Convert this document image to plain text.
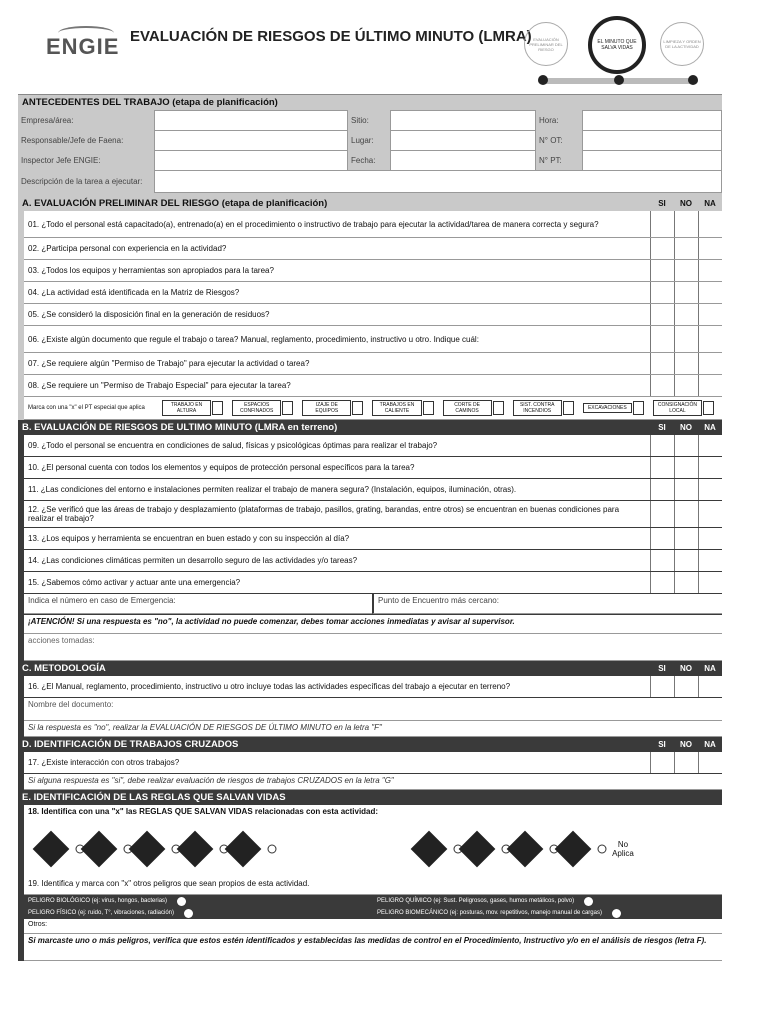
ENGIE EVALUACIÓN DE RIESGOS DE ÚLTIMO MINUTO (LMRA) EVALUACIÓN PRELIMINAR DEL RIESGO
EL MINUTO QUE SALVA VIDAS
LIMPIEZA Y ORDEN DE LA ACTIVIDAD
ANTECEDENTES DEL TRABAJO (etapa de planificación)
Empresa/área:		Sitio:		Hora:	
Responsable/Jefe de Faena:		Lugar:		N° OT:	
Inspector Jefe ENGIE:		Fecha:		N° PT:	
Descripción de la tarea a ejecutar:					
A. EVALUACIÓN PRELIMINAR DEL RIESGO (etapa de planificación)	SI	NO	NA
01. ¿Todo el personal está capacitado(a), entrenado(a) en el procedimiento o instructivo de trabajo para ejecutar la actividad/tarea de manera correcta y segura?
02. ¿Participa personal con experiencia en la actividad?
03. ¿Todos los equipos y herramientas son apropiados para la tarea?
04. ¿La actividad está identificada en la Matriz de Riesgos?
05. ¿Se consideró la disposición final en la generación de residuos?
06. ¿Existe algún documento que regule el trabajo o tarea? Manual, reglamento, procedimiento, instructivo u otro. Indique cuál:
07. ¿Se requiere algún "Permiso de Trabajo" para ejecutar la actividad o tarea?
08. ¿Se requiere un "Permiso de Trabajo Especial" para ejecutar la tarea?
Marca con una "x" el PT especial que aplica	TRABAJO EN ALTURA
ESPACIOS CONFINADOS
IZAJE DE EQUIPOS
TRABAJOS EN CALIENTE
CORTE DE CAMINOS
SIST. CONTRA INCENDIOS	EXCAVACIONES	CONSIGNACIÓN LOCAL
B. EVALUACIÓN DE RIESGOS DE ULTIMO MINUTO (LMRA en terreno)	SI	NO	NA
09. ¿Todo el personal se encuentra en condiciones de salud, físicas y psicológicas óptimas para realizar el trabajo?
10. ¿El personal cuenta con todos los elementos y equipos de protección personal específicos para la tarea?
11. ¿Las condiciones del entorno e instalaciones permiten realizar el trabajo de manera segura? (Instalación, equipos, iluminación, otras).
12. ¿Se verificó que las áreas de trabajo y desplazamiento (plataformas de trabajo, pasillos, grating, barandas, entre otros) se encuentran en buenas condiciones para realizar el trabajo?
13. ¿Los equipos y herramienta se encuentran en buen estado y con su inspección al día?
14. ¿Las condiciones climáticas permiten un desarrollo seguro de las actividades y/o tareas?
15. ¿Sabemos cómo activar y actuar ante una emergencia?
Indica el número en caso de Emergencia:	Punto de Encuentro más cercano:
¡ATENCIÓN! Si una respuesta es "no", la actividad no puede comenzar, debes tomar acciones inmediatas y avisar al supervisor.
acciones tomadas:
C. METODOLOGÍA	SI	NO	NA
16. ¿El Manual, reglamento, procedimiento, instructivo u otro incluye todas las actividades específicas del trabajo a ejecutar en terreno?
Nombre del documento:
Si la respuesta es "no", realizar la EVALUACIÓN DE RIESGOS DE ÚLTIMO MINUTO en la letra "F"
D. IDENTIFICACIÓN DE TRABAJOS CRUZADOS	SI	NO	NA
17. ¿Existe interacción con otros trabajos?
Si alguna respuesta es "si", debe realizar evaluación de riesgos de trabajos CRUZADOS en la letra "G"
E. IDENTIFICACIÓN DE LAS REGLAS QUE SALVAN VIDAS
18. Identifica con una "x" las REGLAS QUE SALVAN VIDAS relacionadas con esta actividad:
No Aplica
19. Identifica y marca con "x" otros peligros que sean propios de esta actividad.
PELIGRO BIOLÓGICO (ej: virus, hongos, bacterias)	PELIGRO QUÍMICO (ej: Sust. Peligrosos, gases, humos metálicos, polvo)
PELIGRO FÍSICO (ej: ruido, T°, vibraciones, radiación)	PELIGRO BIOMECÁNICO (ej: posturas, mov. repetitivos, manejo manual de cargas)
Otros:
Si marcaste uno o más peligros, verifica que estos estén identificados y establecidas las medidas de control en el Procedimiento, Instructivo y/o en el análisis de riesgos (letra F).
